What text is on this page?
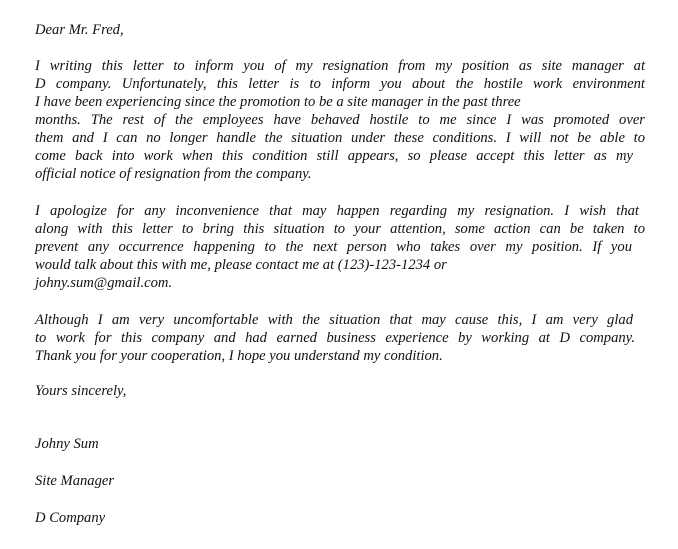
Dear Mr. Fred,
I writing this letter to inform you of my resignation from my position as site manager at
D company. Unfortunately, this letter is to inform you about the hostile work environment
I have been experiencing since the promotion to be a site manager in the past three
months. The rest of the employees have behaved hostile to me since I was promoted over
them and I can no longer handle the situation under these conditions. I will not be able to
come back into work when this condition still appears, so please accept this letter as my
official notice of resignation from the company.
I apologize for any inconvenience that may happen regarding my resignation. I wish that
along with this letter to bring this situation to your attention, some action can be taken to
prevent any occurrence happening to the next person who takes over my position. If you
would talk about this with me, please contact me at (123)-123-1234 or
johny.sum@gmail.com.
Although I am very uncomfortable with the situation that may cause this, I am very glad
to work for this company and had earned business experience by working at D company.
Thank you for your cooperation, I hope you understand my condition.
Yours sincerely,
Johny Sum
Site Manager
D Company
